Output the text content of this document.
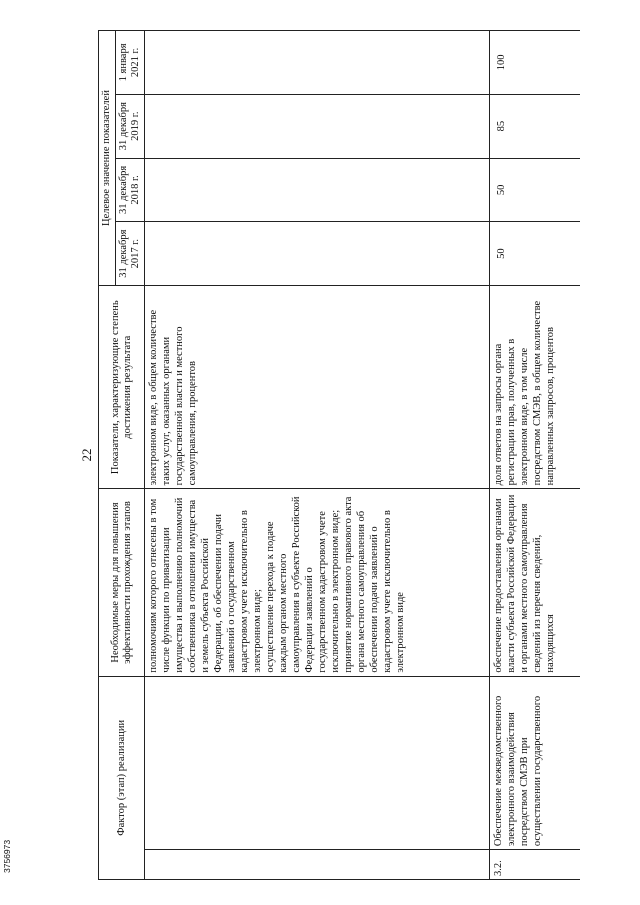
22
Фактор (этап) реализации		Необходимые меры для повышения эффективности прохождения этапов	Показатели, характеризующие степень достижения результата	Целевое значение показателей			
				31 декабря 2017 г.	31 декабря 2018 г.	31 декабря 2019 г.	1 января 2021 г.
		полномочиям которого отнесены в том числе функции по приватизации имущества и выполнению полномочий собственника в отношении имущества и земель субъекта Российской Федерации, об обеспечении подачи заявлений о государственном кадастровом учете исключительно в электронном виде;
осуществление перехода к подаче каждым органом местного самоуправления в субъекте Российской Федерации заявлений о государственном кадастровом учете исключительно в электронном виде;
принятие нормативного правового акта органа местного самоуправления об обеспечении подачи заявлений о кадастровом учете исключительно в электронном виде	электронном виде, в общем количестве таких услуг, оказанных органами государственной власти и местного самоуправления, процентов				
3.2.	Обеспечение межведомственного электронного взаимодействия посредством СМЭВ при осуществлении государственного	обеспечение предоставления органами власти субъекта Российской Федерации и органами местного самоуправления сведений из перечня сведений, находящихся	доля ответов на запросы органа регистрации прав, полученных в электронном виде, в том числе посредством СМЭВ, в общем количестве направленных запросов, процентов	50	50	85	100
3756973
